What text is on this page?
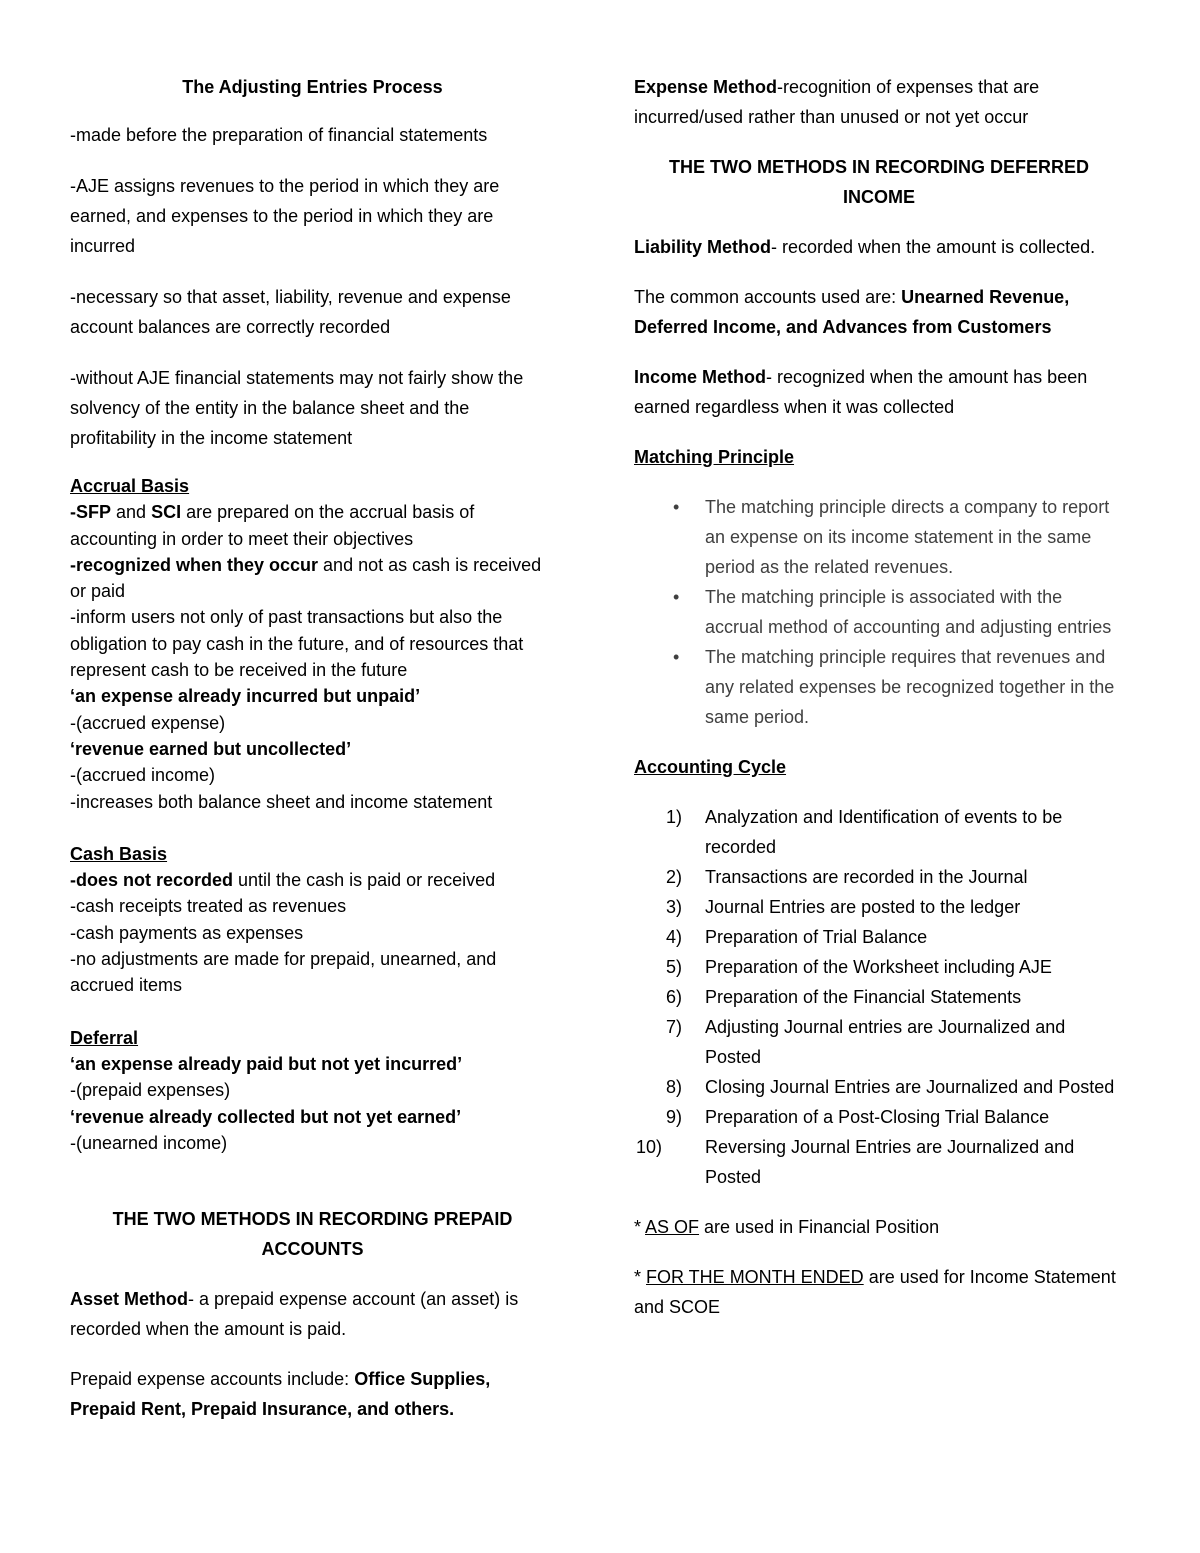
The Adjusting Entries Process

-made before the preparation of financial statements

-AJE assigns revenues to the period in which they are earned, and expenses to the period in which they are incurred

-necessary so that asset, liability, revenue and expense account balances are correctly recorded

-without AJE financial statements may not fairly show the solvency of the entity in the balance sheet and the profitability in the income statement

Accrual Basis

-SFP and SCI are prepared on the accrual basis of accounting in order to meet their objectives

-recognized when they occur and not as cash is received or paid

-inform users not only of past transactions but also the obligation to pay cash in the future, and of resources that represent cash to be received in the future

‘an expense already incurred but unpaid’

-(accrued expense)

‘revenue earned but uncollected’

-(accrued income)

-increases both balance sheet and income statement

Cash Basis

-does not recorded until the cash is paid or received

-cash receipts treated as revenues

-cash payments as expenses

-no adjustments are made for prepaid, unearned, and accrued items

Deferral

‘an expense already paid but not yet incurred’

-(prepaid expenses)

‘revenue already collected but not yet earned’

-(unearned income)

THE TWO METHODS IN RECORDING PREPAID ACCOUNTS

Asset Method- a prepaid expense account (an asset) is recorded when the amount is paid.

Prepaid expense accounts include: Office Supplies, Prepaid Rent, Prepaid Insurance, and others.

Expense Method-recognition of expenses that are incurred/used rather than unused or not yet occur

THE TWO METHODS IN RECORDING DEFERRED INCOME

Liability Method- recorded when the amount is collected.

The common accounts used are: Unearned Revenue, Deferred Income, and Advances from Customers

Income Method- recognized when the amount has been earned regardless when it was collected

Matching Principle

• The matching principle directs a company to report an expense on its income statement in the same period as the related revenues.
• The matching principle is associated with the accrual method of accounting and adjusting entries
• The matching principle requires that revenues and any related expenses be recognized together in the same period.

Accounting Cycle

1) Analyzation and Identification of events to be recorded
2) Transactions are recorded in the Journal
3) Journal Entries are posted to the ledger
4) Preparation of Trial Balance
5) Preparation of the Worksheet including AJE
6) Preparation of the Financial Statements
7) Adjusting Journal entries are Journalized and Posted
8) Closing Journal Entries are Journalized and Posted
9) Preparation of a Post-Closing Trial Balance
10) Reversing Journal Entries are Journalized and Posted

* AS OF are used in Financial Position

* FOR THE MONTH ENDED are used for Income Statement and SCOE
